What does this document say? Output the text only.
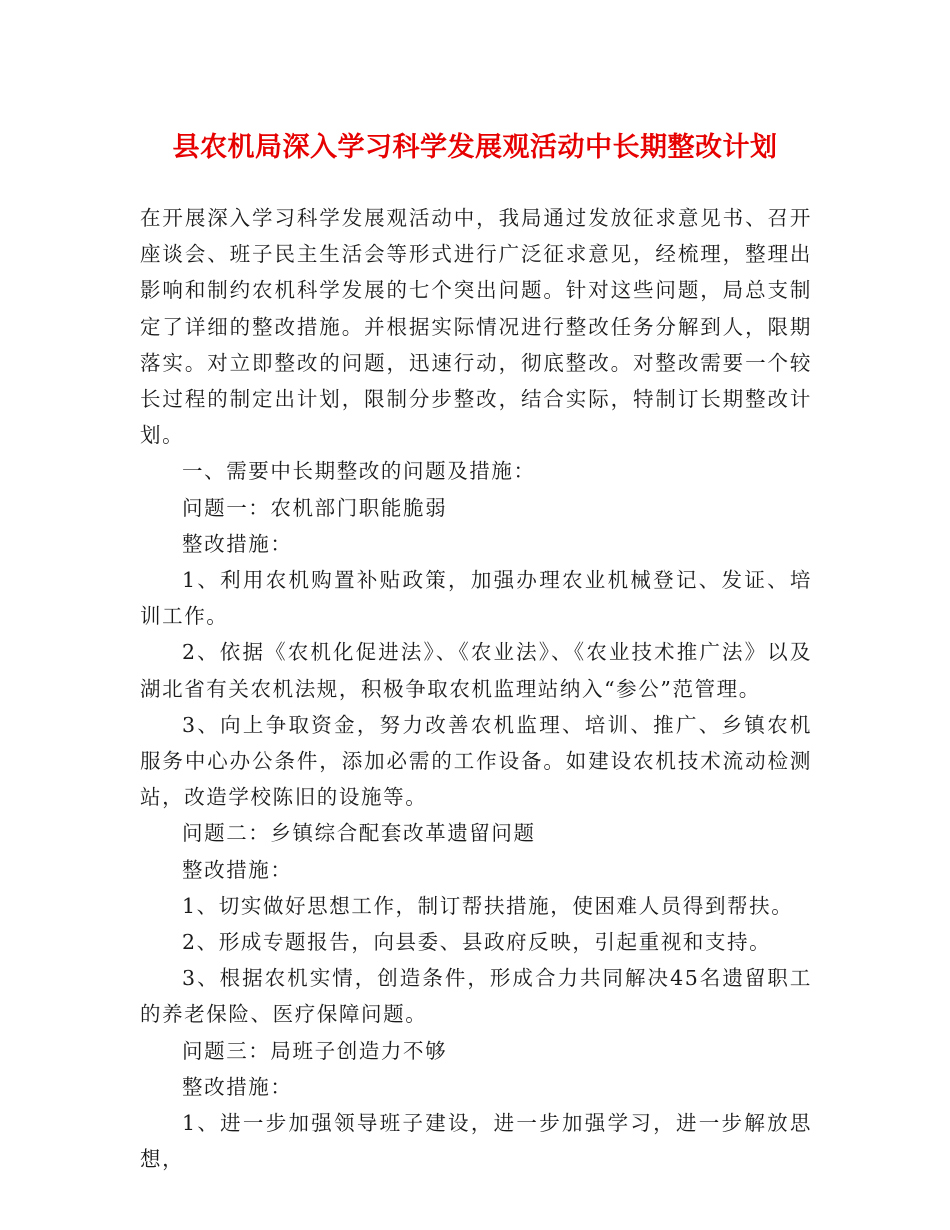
县农机局深入学习科学发展观活动中长期整改计划

在开展深入学习科学发展观活动中，我局通过发放征求意见书、召开座谈会、班子民主生活会等形式进行广泛征求意见，经梳理，整理出影响和制约农机科学发展的七个突出问题。针对这些问题，局总支制定了详细的整改措施。并根据实际情况进行整改任务分解到人，限期落实。对立即整改的问题，迅速行动，彻底整改。对整改需要一个较长过程的制定出计划，限制分步整改，结合实际，特制订长期整改计划。

一、需要中长期整改的问题及措施：

问题一：农机部门职能脆弱

整改措施：

1、利用农机购置补贴政策，加强办理农业机械登记、发证、培训工作。

2、依据《农机化促进法》、《农业法》、《农业技术推广法》以及湖北省有关农机法规，积极争取农机监理站纳入“参公”范管理。

3、向上争取资金，努力改善农机监理、培训、推广、乡镇农机服务中心办公条件，添加必需的工作设备。如建设农机技术流动检测站，改造学校陈旧的设施等。

问题二：乡镇综合配套改革遗留问题

整改措施：

1、切实做好思想工作，制订帮扶措施，使困难人员得到帮扶。

2、形成专题报告，向县委、县政府反映，引起重视和支持。

3、根据农机实情，创造条件，形成合力共同解决45名遗留职工的养老保险、医疗保障问题。

问题三：局班子创造力不够

整改措施：

1、进一步加强领导班子建设，进一步加强学习，进一步解放思想，
